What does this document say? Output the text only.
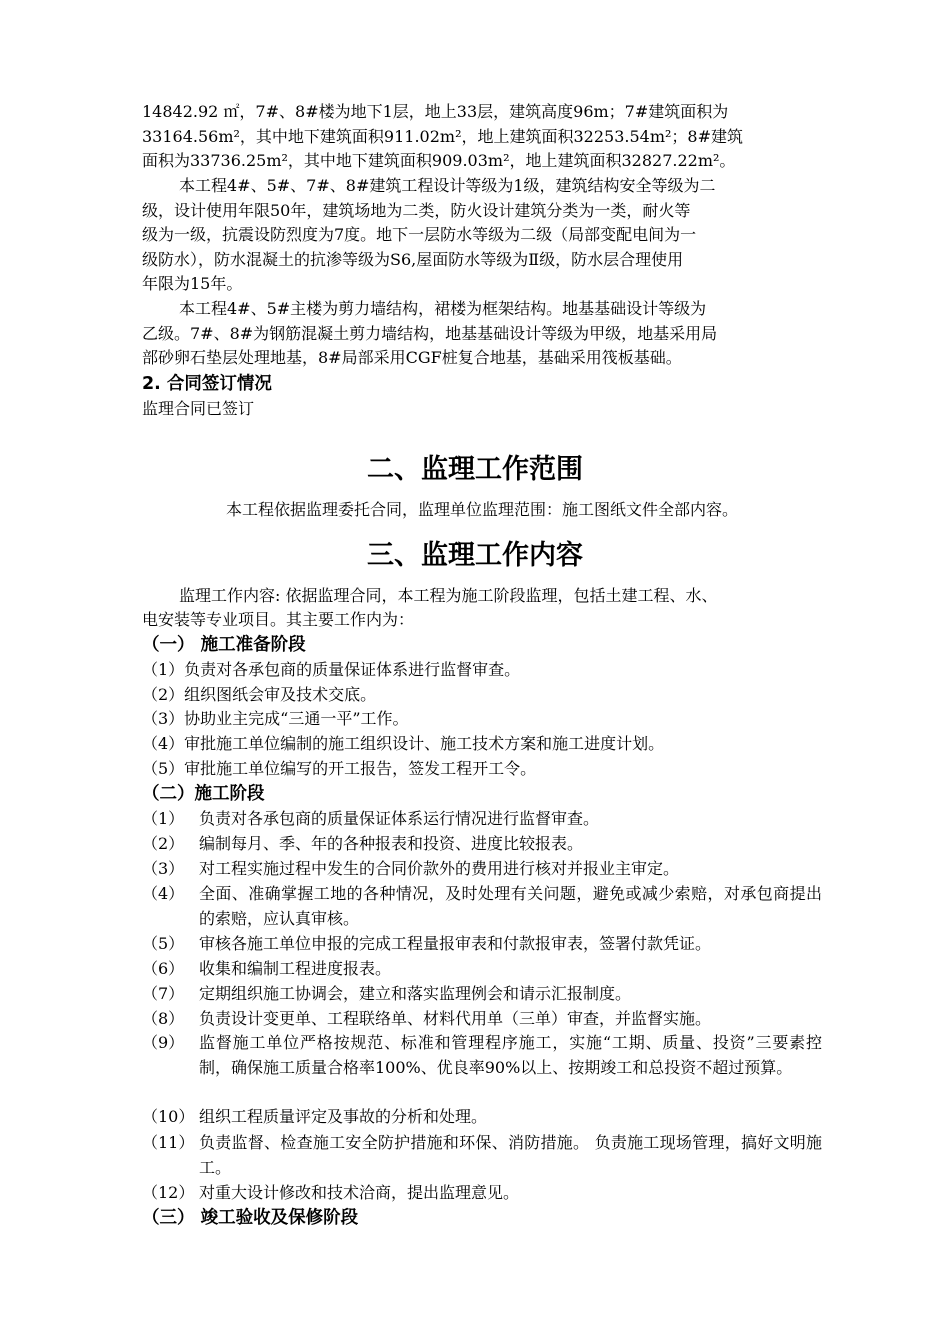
14842.92 ㎡，7#、8#楼为地下1层，地上33层，建筑高度96m；7#建筑面积为

33164.56m²，其中地下建筑面积911.02m²，地上建筑面积32253.54m²；8#建筑

面积为33736.25m²，其中地下建筑面积909.03m²，地上建筑面积32827.22m²。

本工程4#、5#、7#、8#建筑工程设计等级为1级，建筑结构安全等级为二

级，设计使用年限50年，建筑场地为二类，防火设计建筑分类为一类，耐火等

级为一级，抗震设防烈度为7度。地下一层防水等级为二级（局部变配电间为一

级防水），防水混凝土的抗渗等级为S6,屋面防水等级为Ⅱ级，防水层合理使用

年限为15年。

本工程4#、5#主楼为剪力墙结构，裙楼为框架结构。地基基础设计等级为

乙级。7#、8#为钢筋混凝土剪力墙结构，地基基础设计等级为甲级，地基采用局

部砂卵石垫层处理地基，8#局部采用CGF桩复合地基，基础采用筏板基础。

2. 合同签订情况

监理合同已签订

二、监理工作范围

本工程依据监理委托合同，监理单位监理范围：施工图纸文件全部内容。

三、监理工作内容

监理工作内容: 依据监理合同，本工程为施工阶段监理，包括土建工程、水、

电安装等专业项目。其主要工作内为：

（一） 施工准备阶段

（1）负责对各承包商的质量保证体系进行监督审查。

（2）组织图纸会审及技术交底。

（3）协助业主完成“三通一平”工作。

（4）审批施工单位编制的施工组织设计、施工技术方案和施工进度计划。

（5）审批施工单位编写的开工报告，签发工程开工令。

（二）施工阶段
（1） 负责对各承包商的质量保证体系运行情况进行监督审查。
（2） 编制每月、季、年的各种报表和投资、进度比较报表。
（3） 对工程实施过程中发生的合同价款外的费用进行核对并报业主审定。
（4） 全面、准确掌握工地的各种情况，及时处理有关问题，避免或减少索赔，对承包商提出的索赔，应认真审核。
（5） 审核各施工单位申报的完成工程量报审表和付款报审表，签署付款凭证。
（6） 收集和编制工程进度报表。
（7） 定期组织施工协调会，建立和落实监理例会和请示汇报制度。
（8） 负责设计变更单、工程联络单、材料代用单（三单）审查，并监督实施。
（9） 监督施工单位严格按规范、标准和管理程序施工，实施“工期、质量、投资”三要素控制，确保施工质量合格率100%、优良率90%以上、按期竣工和总投资不超过预算。
（10） 组织工程质量评定及事故的分析和处理。
（11） 负责监督、检查施工安全防护措施和环保、消防措施。 负责施工现场管理，搞好文明施工。
（12） 对重大设计修改和技术洽商，提出监理意见。
（三） 竣工验收及保修阶段
